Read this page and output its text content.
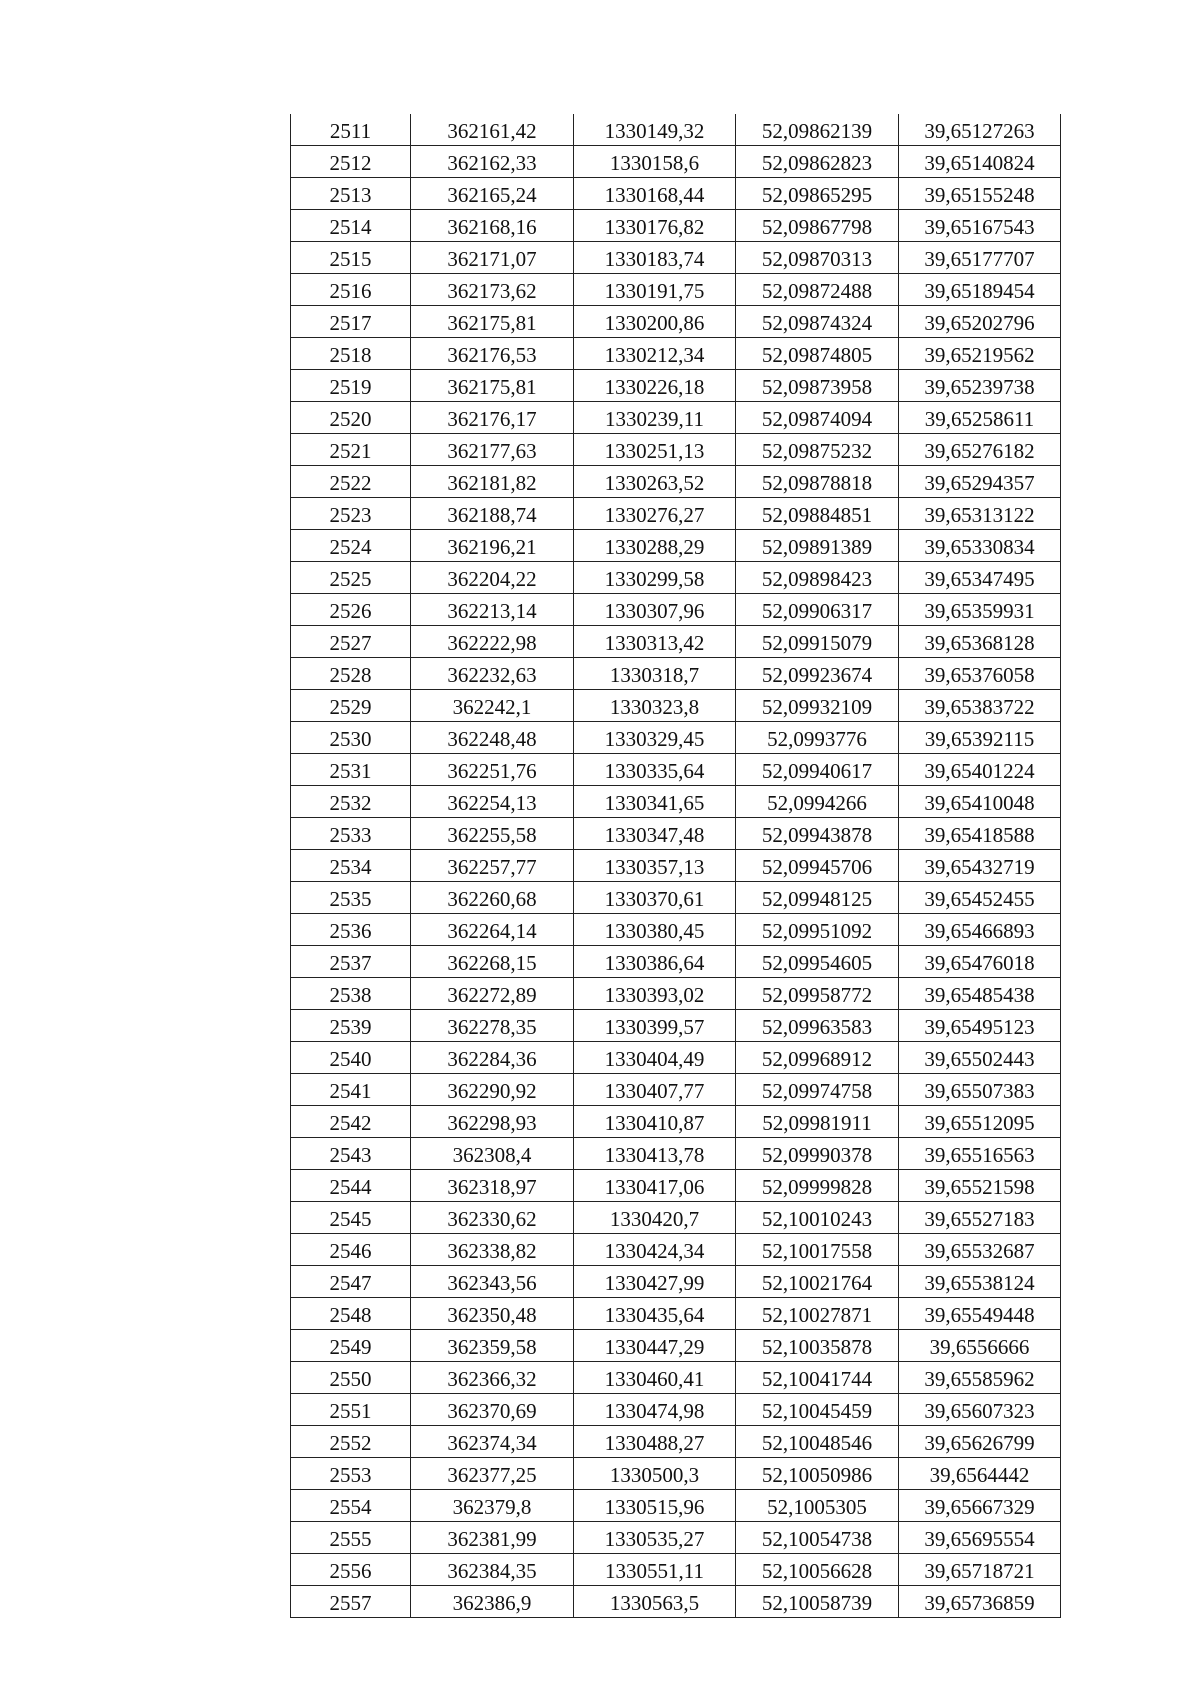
2511	362161,42	1330149,32	52,09862139	39,65127263
2512	362162,33	1330158,6	52,09862823	39,65140824
2513	362165,24	1330168,44	52,09865295	39,65155248
2514	362168,16	1330176,82	52,09867798	39,65167543
2515	362171,07	1330183,74	52,09870313	39,65177707
2516	362173,62	1330191,75	52,09872488	39,65189454
2517	362175,81	1330200,86	52,09874324	39,65202796
2518	362176,53	1330212,34	52,09874805	39,65219562
2519	362175,81	1330226,18	52,09873958	39,65239738
2520	362176,17	1330239,11	52,09874094	39,65258611
2521	362177,63	1330251,13	52,09875232	39,65276182
2522	362181,82	1330263,52	52,09878818	39,65294357
2523	362188,74	1330276,27	52,09884851	39,65313122
2524	362196,21	1330288,29	52,09891389	39,65330834
2525	362204,22	1330299,58	52,09898423	39,65347495
2526	362213,14	1330307,96	52,09906317	39,65359931
2527	362222,98	1330313,42	52,09915079	39,65368128
2528	362232,63	1330318,7	52,09923674	39,65376058
2529	362242,1	1330323,8	52,09932109	39,65383722
2530	362248,48	1330329,45	52,0993776	39,65392115
2531	362251,76	1330335,64	52,09940617	39,65401224
2532	362254,13	1330341,65	52,0994266	39,65410048
2533	362255,58	1330347,48	52,09943878	39,65418588
2534	362257,77	1330357,13	52,09945706	39,65432719
2535	362260,68	1330370,61	52,09948125	39,65452455
2536	362264,14	1330380,45	52,09951092	39,65466893
2537	362268,15	1330386,64	52,09954605	39,65476018
2538	362272,89	1330393,02	52,09958772	39,65485438
2539	362278,35	1330399,57	52,09963583	39,65495123
2540	362284,36	1330404,49	52,09968912	39,65502443
2541	362290,92	1330407,77	52,09974758	39,65507383
2542	362298,93	1330410,87	52,09981911	39,65512095
2543	362308,4	1330413,78	52,09990378	39,65516563
2544	362318,97	1330417,06	52,09999828	39,65521598
2545	362330,62	1330420,7	52,10010243	39,65527183
2546	362338,82	1330424,34	52,10017558	39,65532687
2547	362343,56	1330427,99	52,10021764	39,65538124
2548	362350,48	1330435,64	52,10027871	39,65549448
2549	362359,58	1330447,29	52,10035878	39,6556666
2550	362366,32	1330460,41	52,10041744	39,65585962
2551	362370,69	1330474,98	52,10045459	39,65607323
2552	362374,34	1330488,27	52,10048546	39,65626799
2553	362377,25	1330500,3	52,10050986	39,6564442
2554	362379,8	1330515,96	52,1005305	39,65667329
2555	362381,99	1330535,27	52,10054738	39,65695554
2556	362384,35	1330551,11	52,10056628	39,65718721
2557	362386,9	1330563,5	52,10058739	39,65736859
